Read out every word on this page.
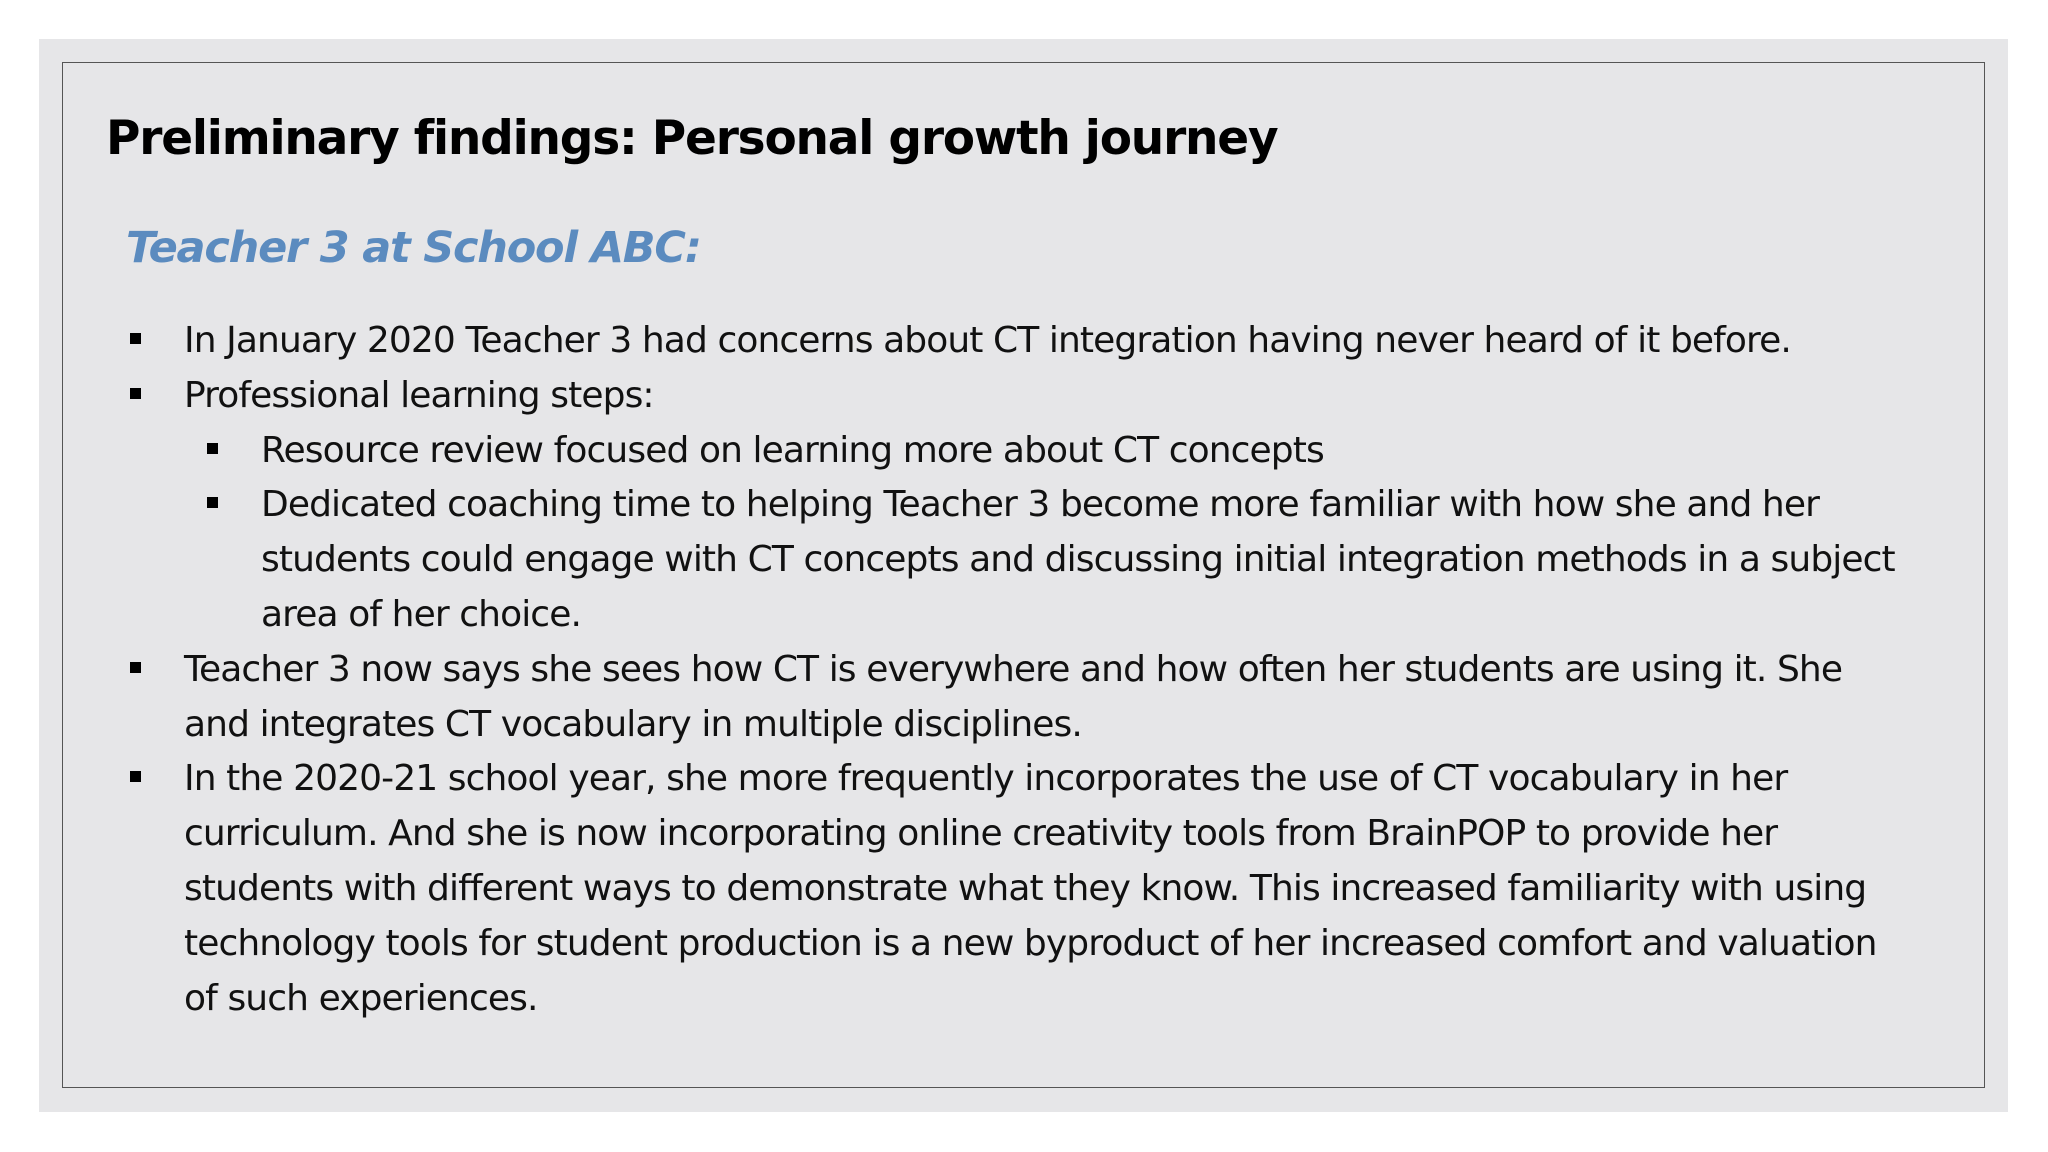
Preliminary findings: Personal growth journey
Teacher 3 at School ABC:
In January 2020 Teacher 3 had concerns about CT integration having never heard of it before.
Professional learning steps:
Resource review focused on learning more about CT concepts
Dedicated coaching time to helping Teacher 3 become more familiar with how she and her students could engage with CT concepts and discussing initial integration methods in a subject area of her choice.
Teacher 3 now says she sees how CT is everywhere and how often her students are using it. She and integrates CT vocabulary in multiple disciplines.
In the 2020-21 school year, she more frequently incorporates the use of CT vocabulary in her curriculum. And she is now incorporating online creativity tools from BrainPOP to provide her students with different ways to demonstrate what they know. This increased familiarity with using technology tools for student production is a new byproduct of her increased comfort and valuation of such experiences.
